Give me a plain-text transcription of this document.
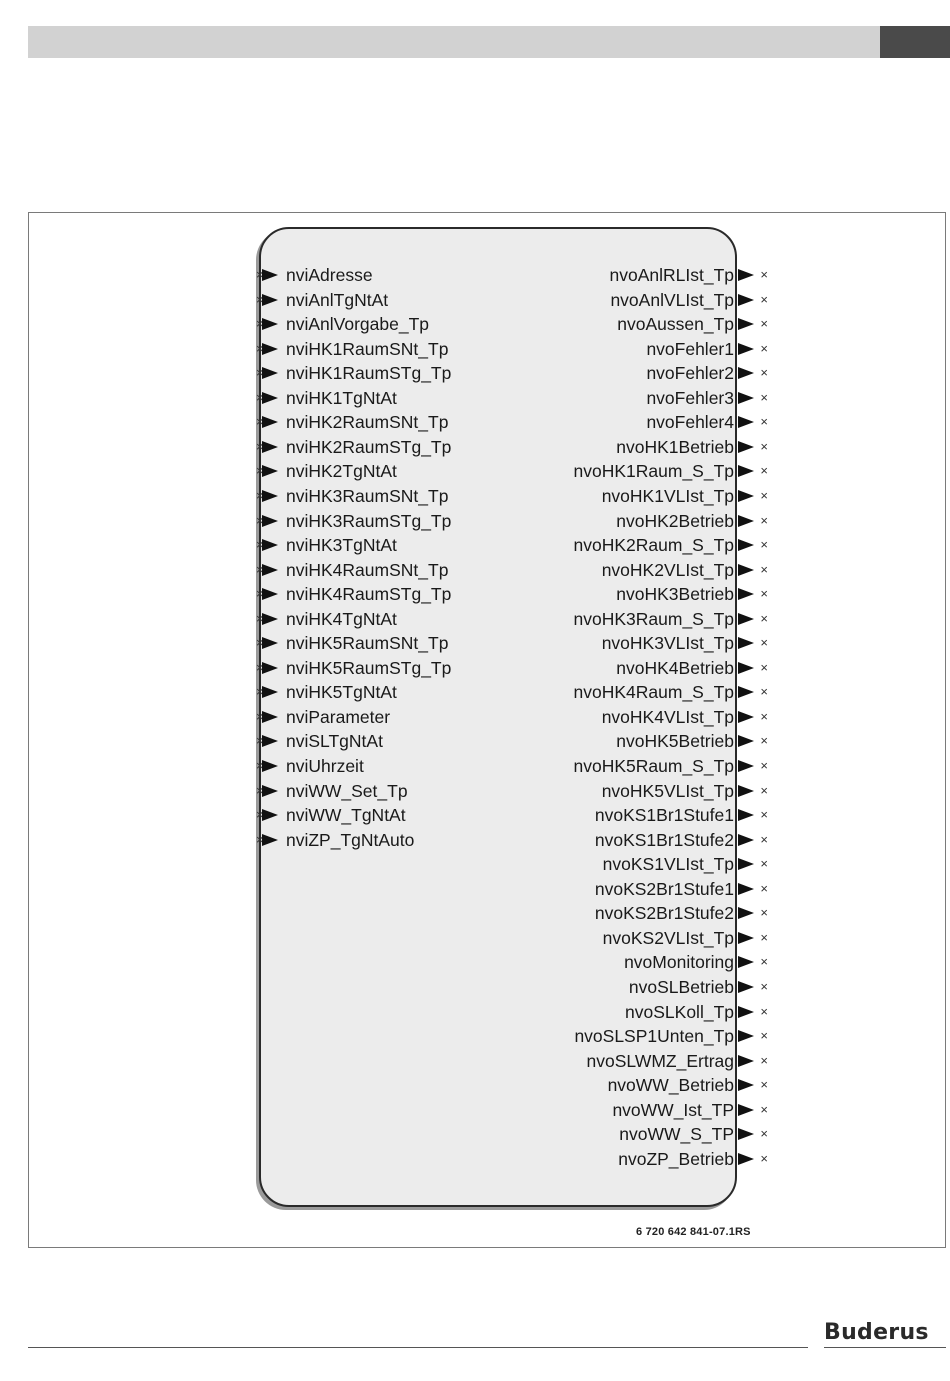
× nviAdresse
× nviAnlTgNtAt
× nviAnlVorgabe_Tp
× nviHK1RaumSNt_Tp
× nviHK1RaumSTg_Tp
× nviHK1TgNtAt
× nviHK2RaumSNt_Tp
× nviHK2RaumSTg_Tp
× nviHK2TgNtAt
× nviHK3RaumSNt_Tp
× nviHK3RaumSTg_Tp
× nviHK3TgNtAt
× nviHK4RaumSNt_Tp
× nviHK4RaumSTg_Tp
× nviHK4TgNtAt
× nviHK5RaumSNt_Tp
× nviHK5RaumSTg_Tp
× nviHK5TgNtAt
× nviParameter
× nviSLTgNtAt
× nviUhrzeit
× nviWW_Set_Tp
× nviWW_TgNtAt
× nviZP_TgNtAuto
×
nvoAnlRLIst_Tp
×
nvoAnlVLIst_Tp
×
nvoAussen_Tp
×
nvoFehler1
×
nvoFehler2
×
nvoFehler3
×
nvoFehler4
×
nvoHK1Betrieb
×
nvoHK1Raum_S_Tp
×
nvoHK1VLIst_Tp
×
nvoHK2Betrieb
×
nvoHK2Raum_S_Tp
×
nvoHK2VLIst_Tp
×
nvoHK3Betrieb
×
nvoHK3Raum_S_Tp
×
nvoHK3VLIst_Tp
×
nvoHK4Betrieb
×
nvoHK4Raum_S_Tp
×
nvoHK4VLIst_Tp
×
nvoHK5Betrieb
×
nvoHK5Raum_S_Tp
×
nvoHK5VLIst_Tp
×
nvoKS1Br1Stufe1
×
nvoKS1Br1Stufe2
×
nvoKS1VLIst_Tp
×
nvoKS2Br1Stufe1
×
nvoKS2Br1Stufe2
×
nvoKS2VLIst_Tp
×
nvoMonitoring
×
nvoSLBetrieb
×
nvoSLKoll_Tp
×
nvoSLSP1Unten_Tp
×
nvoSLWMZ_Ertrag
×
nvoWW_Betrieb
×
nvoWW_Ist_TP
×
nvoWW_S_TP
×
nvoZP_Betrieb
6 720 642 841-07.1RS
Buderus
